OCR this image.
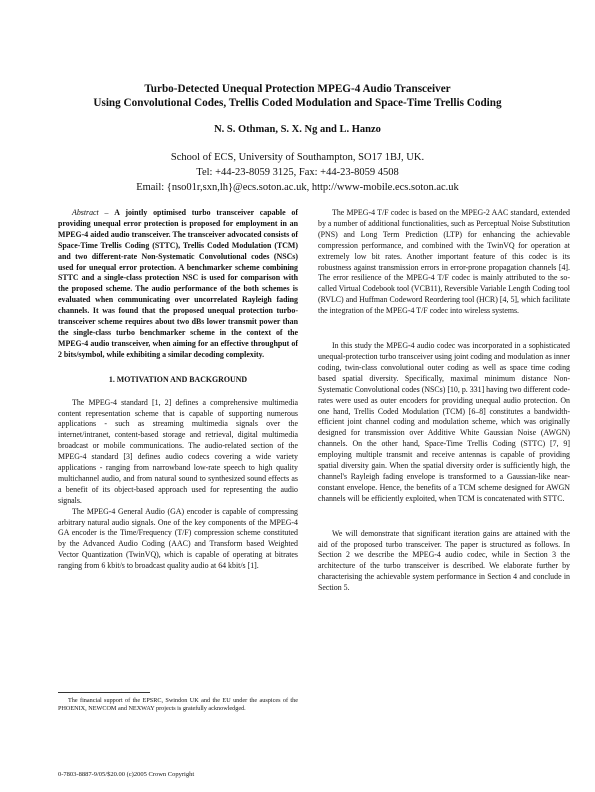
Turbo-Detected Unequal Protection MPEG-4 Audio Transceiver
Using Convolutional Codes, Trellis Coded Modulation and Space-Time Trellis Coding
N. S. Othman, S. X. Ng and L. Hanzo
School of ECS, University of Southampton, SO17 1BJ, UK.
Tel: +44-23-8059 3125, Fax: +44-23-8059 4508
Email: {nso01r,sxn,lh}@ecs.soton.ac.uk, http://www-mobile.ecs.soton.ac.uk

Abstract – A jointly optimised turbo transceiver capable of providing unequal error protection is proposed for employment in an MPEG-4 aided audio transceiver. The transceiver advocated consists of Space-Time Trellis Coding (STTC), Trellis Coded Modulation (TCM) and two different-rate Non-Systematic Convolutional codes (NSCs) used for unequal error protection. A benchmarker scheme combining STTC and a single-class protection NSC is used for comparison with the proposed scheme. The audio performance of the both schemes is evaluated when communicating over uncorrelated Rayleigh fading channels. It was found that the proposed unequal protection turbo-transceiver scheme requires about two dBs lower transmit power than the single-class turbo benchmarker scheme in the context of the MPEG-4 audio transceiver, when aiming for an effective throughput of 2 bits/symbol, while exhibiting a similar decoding complexity.

1. MOTIVATION AND BACKGROUND

The MPEG-4 standard [1, 2] defines a comprehensive multimedia content representation scheme that is capable of supporting numerous applications - such as streaming multimedia signals over the internet/intranet, content-based storage and retrieval, digital multimedia broadcast or mobile communications. The audio-related section of the MPEG-4 standard [3] defines audio codecs covering a wide variety applications - ranging from narrowband low-rate speech to high quality multichannel audio, and from natural sound to synthesized sound effects as a benefit of its object-based approach used for representing the audio signals.

The MPEG-4 General Audio (GA) encoder is capable of compressing arbitrary natural audio signals. One of the key components of the MPEG-4 GA encoder is the Time/Frequency (T/F) compression scheme constituted by the Advanced Audio Coding (AAC) and Transform based Weighted Vector Quantization (TwinVQ), which is capable of operating at bitrates ranging from 6 kbit/s to broadcast quality audio at 64 kbit/s [1].

The MPEG-4 T/F codec is based on the MPEG-2 AAC standard, extended by a number of additional functionalities, such as Perceptual Noise Substitution (PNS) and Long Term Prediction (LTP) for enhancing the achievable compression performance, and combined with the TwinVQ for operation at extremely low bit rates. Another important feature of this codec is its robustness against transmission errors in error-prone propagation channels [4]. The error resilience of the MPEG-4 T/F codec is mainly attributed to the so-called Virtual Codebook tool (VCB11), Reversible Variable Length Coding tool (RVLC) and Huffman Codeword Reordering tool (HCR) [4, 5], which facilitate the integration of the MPEG-4 T/F codec into wireless systems.

In this study the MPEG-4 audio codec was incorporated in a sophisticated unequal-protection turbo transceiver using joint coding and modulation as inner coding, twin-class convolutional outer coding as well as space time coding based spatial diversity. Specifically, maximal minimum distance Non-Systematic Convolutional codes (NSCs) [10, p. 331] having two different code-rates were used as outer encoders for providing unequal audio protection. On one hand, Trellis Coded Modulation (TCM) [6–8] constitutes a bandwidth-efficient joint channel coding and modulation scheme, which was originally designed for transmission over Additive White Gaussian Noise (AWGN) channels. On the other hand, Space-Time Trellis Coding (STTC) [7, 9] employing multiple transmit and receive antennas is capable of providing spatial diversity gain. When the spatial diversity order is sufficiently high, the channel's Rayleigh fading envelope is transformed to a Gaussian-like near-constant envelope. Hence, the benefits of a TCM scheme designed for AWGN channels will be efficiently exploited, when TCM is concatenated with STTC.

We will demonstrate that significant iteration gains are attained with the aid of the proposed turbo transceiver. The paper is structured as follows. In Section 2 we describe the MPEG-4 audio codec, while in Section 3 the architecture of the turbo transceiver is described. We elaborate further by characterising the achievable system performance in Section 4 and conclude in Section 5.

The financial support of the EPSRC, Swindon UK and the EU under the auspices of the PHOENIX, NEWCOM and NEXWAY projects is gratefully acknowledged.
0-7803-8887-9/05/$20.00 (c)2005 Crown Copyright
